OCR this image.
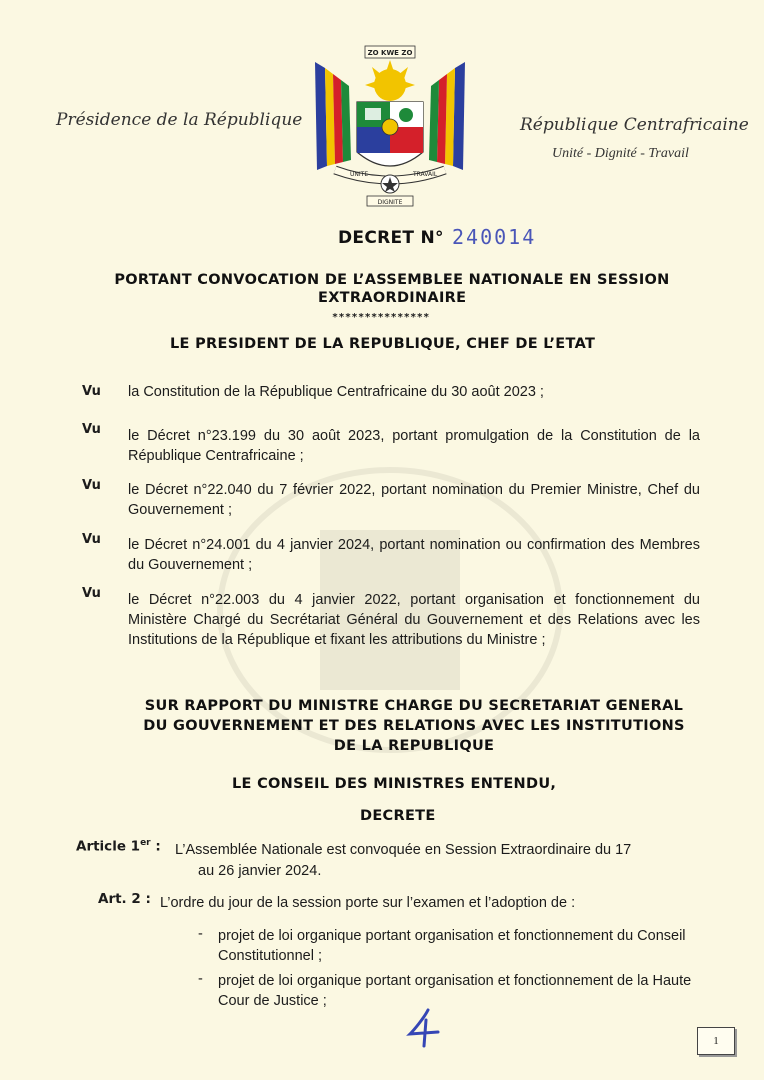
Présidence de la République
ZO KWE ZO
UNITE	TRAVAIL
DIGNITE
République Centrafricaine
Unité - Dignité - Travail
DECRET N° 240014
PORTANT CONVOCATION DE L’ASSEMBLEE NATIONALE EN SESSION
EXTRAORDINAIRE
***************
LE PRESIDENT DE LA REPUBLIQUE, CHEF DE L’ETAT
Vu la Constitution de la République Centrafricaine du 30 août 2023 ;
Vu le Décret n°23.199 du 30 août 2023, portant promulgation de la Constitution de la République Centrafricaine ;
Vu le Décret n°22.040 du 7 février 2022, portant nomination du Premier Ministre, Chef du Gouvernement ;
Vu le Décret n°24.001 du 4 janvier 2024, portant nomination ou confirmation des Membres du Gouvernement ;
Vu le Décret n°22.003 du 4 janvier 2022, portant organisation et fonctionnement du Ministère Chargé du Secrétariat Général du Gouvernement et des Relations avec les Institutions de la République et fixant les attributions du Ministre ;
SUR RAPPORT DU MINISTRE CHARGE DU SECRETARIAT GENERAL
DU GOUVERNEMENT ET DES RELATIONS AVEC LES INSTITUTIONS
DE LA REPUBLIQUE
LE CONSEIL DES MINISTRES ENTENDU,
DECRETE
Article 1er : L’Assemblée Nationale est convoquée en Session Extraordinaire du 17
au 26 janvier 2024.
Art. 2 : L’ordre du jour de la session porte sur l’examen et l’adoption de :
- projet de loi organique portant organisation et fonctionnement du Conseil Constitutionnel ;
- projet de loi organique portant organisation et fonctionnement de la Haute Cour de Justice ;
1
